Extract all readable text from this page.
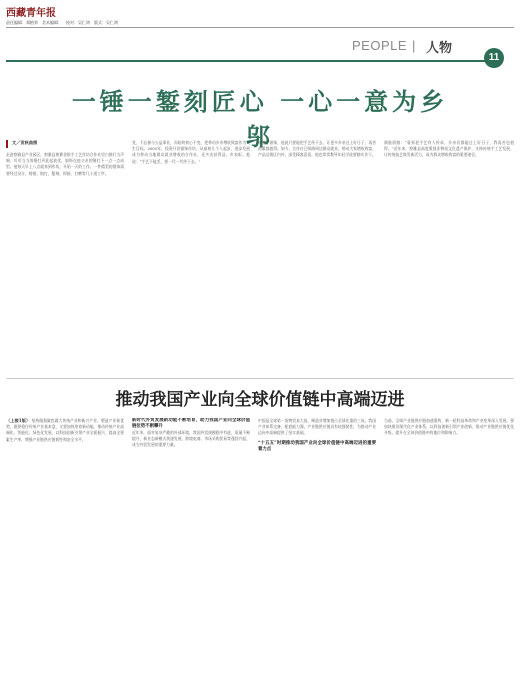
西藏青年报
责任编辑：郑植荣　美术编辑：　校对：吴仁鸿　版式：吴仁鸿
PEOPLE | 人物
11
一锤一錾刻匠心 一心一意为乡邬
文／贡秋曲措
走进察雅县产业园区，察雅县黄赛金银手工艺作坊合作社里白银叮当声响、叮叮当当的锤打声此起彼伏，银饰在他父亲的锤打下一点一点成型。他每天早上八点就来到作坊，开始一天的工作。一件精美的银饰需要经过设计、熔银、锻打、錾刻、焊接、打磨等几十道工序。
党，不忘参与公益事业，而始终初心不变，把带动乡亲增收致富作为人生目标。2005年，投资开设银饰作坊，从最初几个人起步，逐步发展成为带动当地群众就业增收的合作社，还多次获得县、市表彰。他说：“手艺不能丢，要一代一代传下去。”
铺满了银饰，他说只要能把手艺传下去，让更多乡亲过上好日子，再苦再累都值得。如今，合作社已吸纳周边群众就业，带动大家增收致富，产品远销区内外，深受顾客喜爱。他也常常教导年轻学徒要踏实肯干。
满脸骄傲：“看到老手艺有人传承，乡亲们都能过上好日子，我再苦也值得。”近年来，察雅县高度重视非物质文化遗产保护，支持传统手工艺发展，让传统技艺焕发新活力，成为群众增收致富的重要途径。
推动我国产业向全球价值链中高端迈进
（上接1版） 坚持做强做优做大传统产业和新兴产业，塑造产业新优势，既要稳住传统产业基本盘，又要加快培育新动能。推动传统产业高端化、智能化、绿色化发展，以科技创新引领产业全面振兴，提高全要素生产率，增强产业链供应链韧性和安全水平。
新时代外贸发展新动能不断培育，助力我国产业向全球价值链位势不断攀升
近年来，面对复杂严峻的外部环境，我国外贸规模稳中有进，质量不断提升，新业态新模式快速发展，跨境电商、市场采购贸易等蓬勃兴起，成为外贸发展的重要力量。
中国是全球第一货物贸易大国，制造业增加值占全球比重约三成。我国产业体系完备，配套能力强，产业链供应链具有较强韧性，为推动产业迈向中高端提供了坚实基础。
“十五五”时期推动我国产业向全球价值链中高端迈进的重要着力点
当前，全球产业链供应链加速重构，新一轮科技革命和产业变革深入发展。要加快建设现代化产业体系，以科技创新引领产业创新，推动产业链供应链优化升级，提升在全球价值链中的地位和影响力。
